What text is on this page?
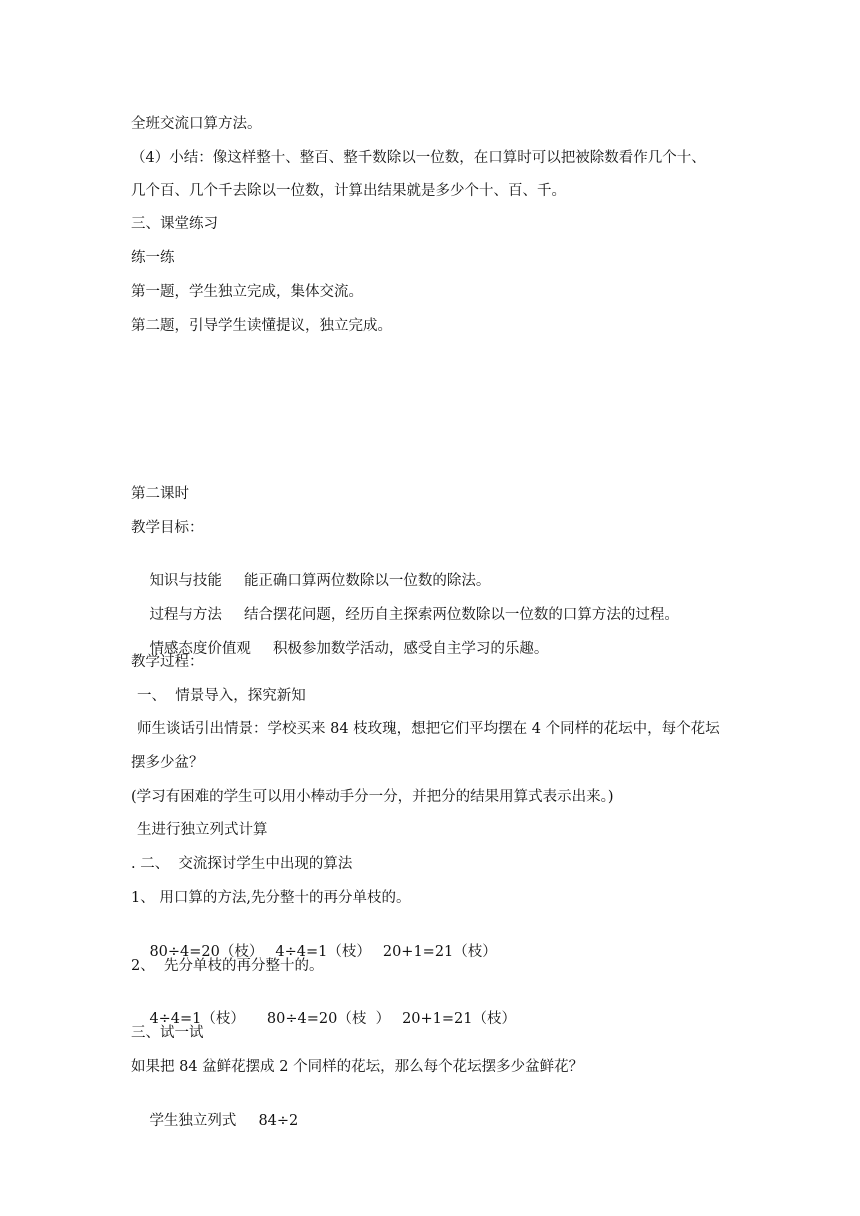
全班交流口算方法。
（4）小结：像这样整十、整百、整千数除以一位数，在口算时可以把被除数看作几个十、
几个百、几个千去除以一位数，计算出结果就是多少个十、百、千。
三、课堂练习
练一练
第一题，学生独立完成，集体交流。
第二题，引导学生读懂提议，独立完成。
第二课时
教学目标：

知识与技能 能正确口算两位数除以一位数的除法。

过程与方法 结合摆花问题，经历自主探索两位数除以一位数的口算方法的过程。

情感态度价值观 积极参加数学活动，感受自主学习的乐趣。

教学过程：
一、  情景导入，探究新知
师生谈话引出情景：学校买来 84 枝玫瑰，想把它们平均摆在 4 个同样的花坛中，每个花坛
摆多少盆？
(学习有困难的学生可以用小棒动手分一分，并把分的结果用算式表示出来。)
生进行独立列式计算
. 二、  交流探讨学生中出现的算法
1、 用口算的方法,先分整十的再分单枝的。

80÷4=20（枝） 4÷4=1（枝） 20+1=21（枝）

2、  先分单枝的再分整十的。

4÷4=1（枝） 80÷4=20（枝  ） 20+1=21（枝）

三、试一试
如果把 84 盆鲜花摆成 2 个同样的花坛，那么每个花坛摆多少盆鲜花？

学生独立列式 84÷2
